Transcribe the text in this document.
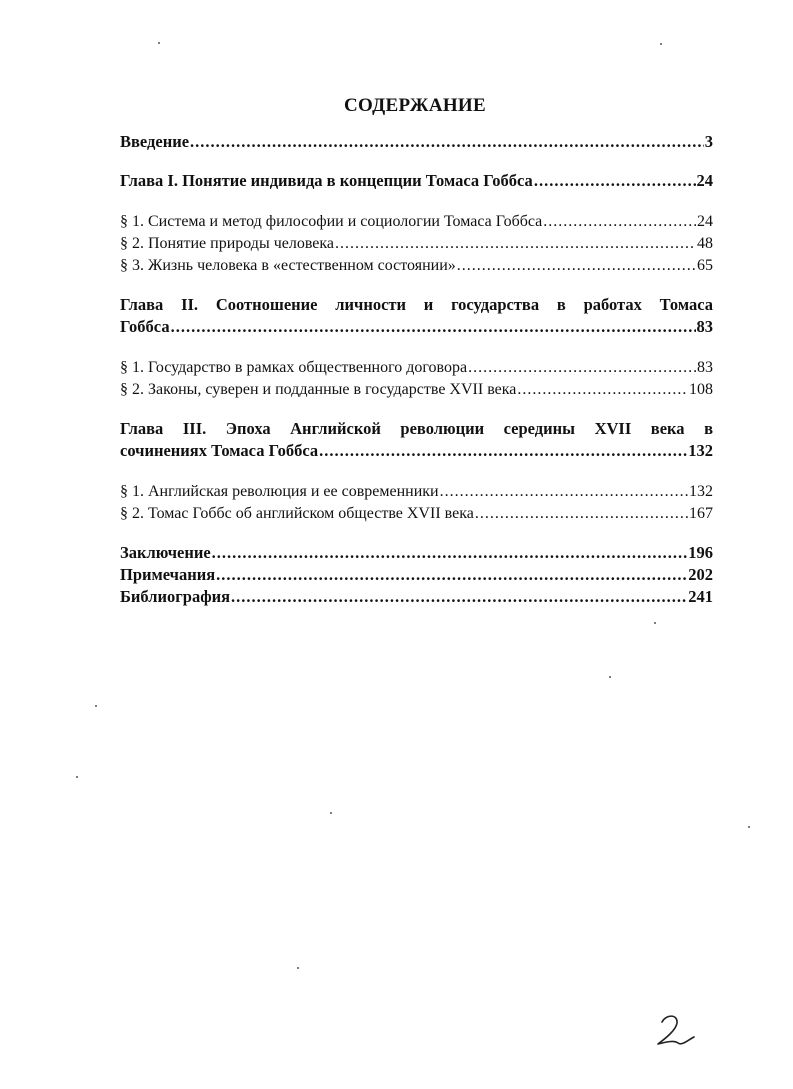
СОДЕРЖАНИЕ
Введение .....	3
Глава I. Понятие индивида в концепции Томаса Гоббса .....	24
§ 1. Система и метод философии и социологии Томаса Гоббса .....	24
§ 2. Понятие природы человека .....	48
§ 3. Жизнь человека в «естественном состоянии» .....	65
Глава II. Соотношение личности и государства в работах Томаса
Гоббса .....	83
§ 1. Государство в рамках общественного договора .....	83
§ 2. Законы, суверен и подданные в государстве XVII века .....	108
Глава III. Эпоха Английской революции середины XVII века в
сочинениях Томаса Гоббса .....	132
§ 1. Английская революция и ее современники .....	132
§ 2. Томас Гоббс об английском обществе XVII века .....	167
Заключение .....	196
Примечания .....	202
Библиография .....	241
